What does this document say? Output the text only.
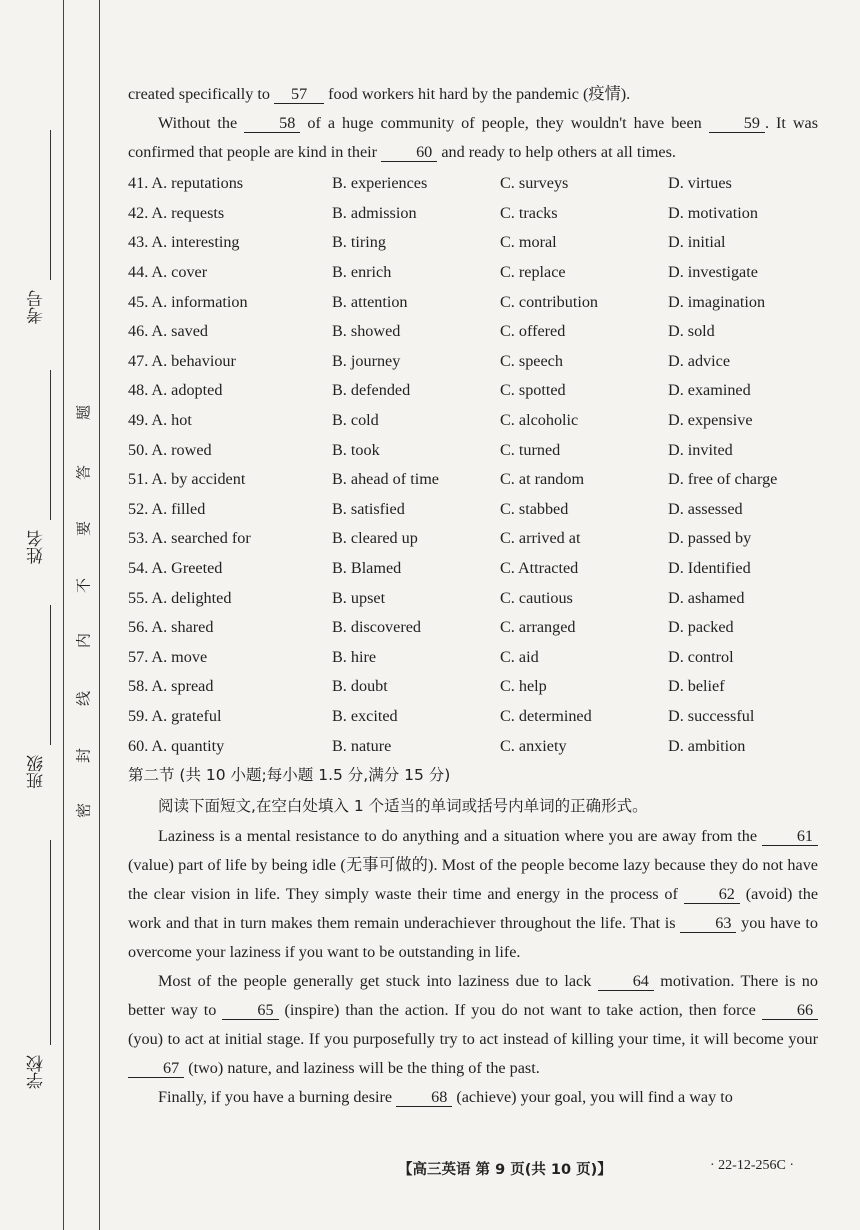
考号
姓名
班级
学校
题
答
要
不
内
线
封
密

created specifically to 57 food workers hit hard by the pandemic (疫情).

Without the	58 of a huge community of people, they wouldn't have been	59 . It was confirmed that people are kind in their 60 and ready to help others at all times.

41. A. reputations	B. experiences	C. surveys	D. virtues
42. A. requests	B. admission	C. tracks	D. motivation
43. A. interesting	B. tiring	C. moral	D. initial
44. A. cover	B. enrich	C. replace	D. investigate
45. A. information	B. attention	C. contribution	D. imagination
46. A. saved	B. showed	C. offered	D. sold
47. A. behaviour	B. journey	C. speech	D. advice
48. A. adopted	B. defended	C. spotted	D. examined
49. A. hot	B. cold	C. alcoholic	D. expensive
50. A. rowed	B. took	C. turned	D. invited
51. A. by accident	B. ahead of time	C. at random	D. free of charge
52. A. filled	B. satisfied	C. stabbed	D. assessed
53. A. searched for	B. cleared up	C. arrived at	D. passed by
54. A. Greeted	B. Blamed	C. Attracted	D. Identified
55. A. delighted	B. upset	C. cautious	D. ashamed
56. A. shared	B. discovered	C. arranged	D. packed
57. A. move	B. hire	C. aid	D. control
58. A. spread	B. doubt	C. help	D. belief
59. A. grateful	B. excited	C. determined	D. successful
60. A. quantity	B. nature	C. anxiety	D. ambition

第二节 (共 10 小题;每小题 1.5 分,满分 15 分)

阅读下面短文,在空白处填入 1 个适当的单词或括号内单词的正确形式。

Laziness is a mental resistance to do anything and a situation where you are away from the 61 (value) part of life by being idle (无事可做的). Most of the people become lazy because they do not have the clear vision in life. They simply waste their time and energy in the process of	62 (avoid) the work and that in turn makes them remain underachiever throughout the life. That is 63 you have to overcome your laziness if you want to be outstanding in life.

Most of the people generally get stuck into laziness due to lack	64 motivation. There is no better way to	65 (inspire) than the action. If you do not want to take action, then force	66 (you) to act at initial stage. If you purposefully try to act instead of killing your time, it will become your 67 (two) nature, and laziness will be the thing of the past.

Finally, if you have a burning desire 68 (achieve) your goal, you will find a way to

【高三英语 第 9 页(共 10 页)】	· 22-12-256C ·
